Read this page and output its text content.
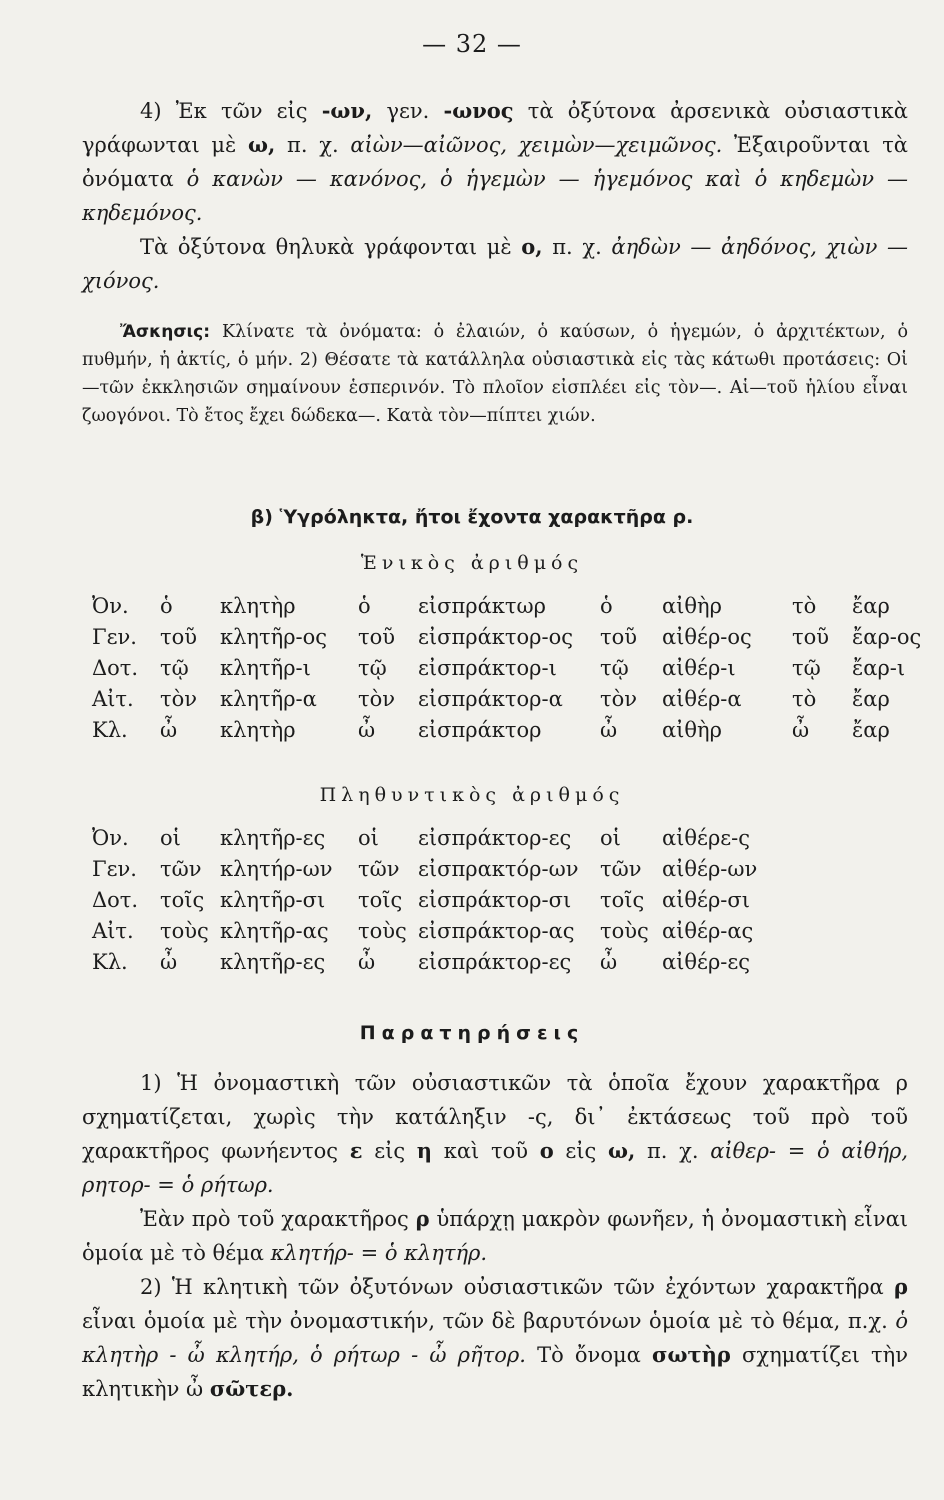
— 32 —

4) Ἐκ τῶν εἰς -ων, γεν. -ωνος τὰ ὀξύτονα ἀρσενικὰ οὐσιαστικὰ γράφωνται μὲ ω, π. χ. αἰὼν—αἰῶνος, χειμὼν—χειμῶνος. Ἐξαιροῦνται τὰ ὀνόματα ὁ κανὼν — κανόνος, ὁ ἡγεμὼν — ἡγεμόνος καὶ ὁ κηδεμὼν — κηδεμόνος.

Τὰ ὀξύτονα θηλυκὰ γράφονται μὲ ο, π. χ. ἀηδὼν — ἀηδόνος, χιὼν — χιόνος.

Ἄσκησις: Κλίνατε τὰ ὀνόματα: ὁ ἐλαιών, ὁ καύσων, ὁ ἡγεμών, ὁ ἀρχιτέκτων, ὁ πυθμήν, ἡ ἀκτίς, ὁ μήν. 2) Θέσατε τὰ κατάλληλα οὐσιαστικὰ εἰς τὰς κάτωθι προτάσεις: Οἱ—τῶν ἐκκλησιῶν σημαίνουν ἑσπερινόν. Τὸ πλοῖον εἰσπλέει εἰς τὸν—. Αἱ—τοῦ ἡλίου εἶναι ζωογόνοι. Τὸ ἔτος ἔχει δώδεκα—. Κατὰ τὸν—πίπτει χιών.
β) Ὑγρόληκτα, ἤτοι ἔχοντα χαρακτῆρα ρ.
Ἑνικὸς ἀριθμός
Ὀν.	ὁ	κλητὴρ	ὁ	εἰσπράκτωρ	ὁ	αἰθὴρ	τὸ	ἔαρ
Γεν.	τοῦ	κλητῆρ-ος	τοῦ	εἰσπράκτορ-ος	τοῦ	αἰθέρ-ος	τοῦ	ἔαρ-ος
Δοτ.	τῷ	κλητῆρ-ι	τῷ	εἰσπράκτορ-ι	τῷ	αἰθέρ-ι	τῷ	ἔαρ-ι
Αἰτ.	τὸν	κλητῆρ-α	τὸν	εἰσπράκτορ-α	τὸν	αἰθέρ-α	τὸ	ἔαρ
Κλ.	ὦ	κλητὴρ	ὦ	εἰσπράκτορ	ὦ	αἰθὴρ	ὦ	ἔαρ
Πληθυντικὸς ἀριθμός
Ὀν.	οἱ	κλητῆρ-ες	οἱ	εἰσπράκτορ-ες	οἱ	αἰθέρε-ς
Γεν.	τῶν	κλητήρ-ων	τῶν	εἰσπρακτόρ-ων	τῶν	αἰθέρ-ων
Δοτ.	τοῖς	κλητῆρ-σι	τοῖς	εἰσπράκτορ-σι	τοῖς	αἰθέρ-σι
Αἰτ.	τοὺς	κλητῆρ-ας	τοὺς	εἰσπράκτορ-ας	τοὺς	αἰθέρ-ας
Κλ.	ὦ	κλητῆρ-ες	ὦ	εἰσπράκτορ-ες	ὦ	αἰθέρ-ες
Παρατηρήσεις

1) Ἡ ὀνομαστικὴ τῶν οὐσιαστικῶν τὰ ὁποῖα ἔχουν χαρακτῆρα ρ σχηματίζεται, χωρὶς τὴν κατάληξιν -ς, δι᾽ ἐκτάσεως τοῦ πρὸ τοῦ χαρακτῆρος φωνήεντος ε εἰς η καὶ τοῦ ο εἰς ω, π. χ. αἰθερ- = ὁ αἰθήρ, ρητορ- = ὁ ρήτωρ.

Ἐὰν πρὸ τοῦ χαρακτῆρος ρ ὑπάρχῃ μακρὸν φωνῆεν, ἡ ὀνομαστικὴ εἶναι ὁμοία μὲ τὸ θέμα κλητήρ- = ὁ κλητήρ.

2) Ἡ κλητικὴ τῶν ὀξυτόνων οὐσιαστικῶν τῶν ἐχόντων χαρακτῆρα ρ εἶναι ὁμοία μὲ τὴν ὀνομαστικήν, τῶν δὲ βαρυτόνων ὁμοία μὲ τὸ θέμα, π.χ. ὁ κλητὴρ - ὦ κλητήρ, ὁ ρήτωρ - ὦ ρῆτορ. Τὸ ὄνομα σωτὴρ σχηματίζει τὴν κλητικὴν ὦ σῶτερ.
